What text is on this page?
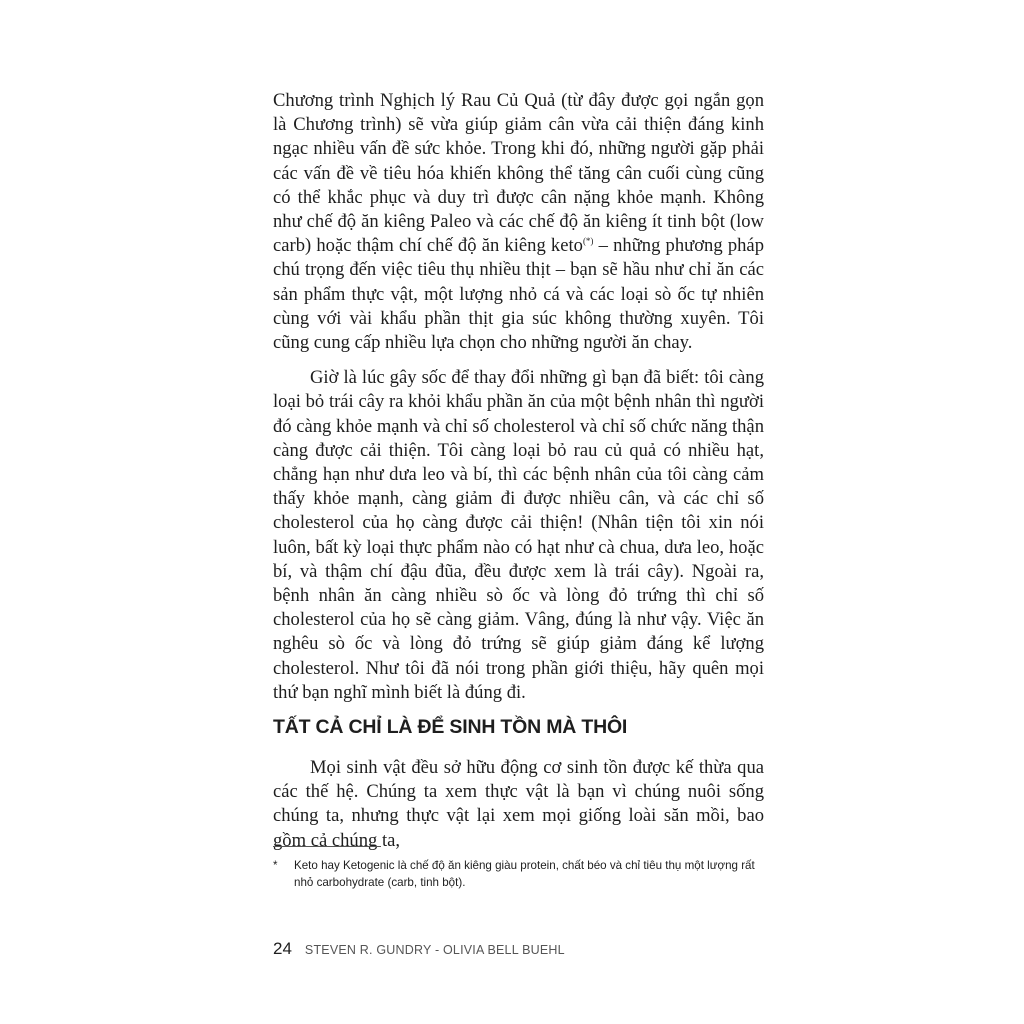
Chương trình Nghịch lý Rau Củ Quả (từ đây được gọi ngắn gọn là Chương trình) sẽ vừa giúp giảm cân vừa cải thiện đáng kinh ngạc nhiều vấn đề sức khỏe. Trong khi đó, những người gặp phải các vấn đề về tiêu hóa khiến không thể tăng cân cuối cùng cũng có thể khắc phục và duy trì được cân nặng khỏe mạnh. Không như chế độ ăn kiêng Paleo và các chế độ ăn kiêng ít tinh bột (low carb) hoặc thậm chí chế độ ăn kiêng keto(*) – những phương pháp chú trọng đến việc tiêu thụ nhiều thịt – bạn sẽ hầu như chỉ ăn các sản phẩm thực vật, một lượng nhỏ cá và các loại sò ốc tự nhiên cùng với vài khẩu phần thịt gia súc không thường xuyên. Tôi cũng cung cấp nhiều lựa chọn cho những người ăn chay.

Giờ là lúc gây sốc để thay đổi những gì bạn đã biết: tôi càng loại bỏ trái cây ra khỏi khẩu phần ăn của một bệnh nhân thì người đó càng khỏe mạnh và chỉ số cholesterol và chỉ số chức năng thận càng được cải thiện. Tôi càng loại bỏ rau củ quả có nhiều hạt, chẳng hạn như dưa leo và bí, thì các bệnh nhân của tôi càng cảm thấy khỏe mạnh, càng giảm đi được nhiều cân, và các chỉ số cholesterol của họ càng được cải thiện! (Nhân tiện tôi xin nói luôn, bất kỳ loại thực phẩm nào có hạt như cà chua, dưa leo, hoặc bí, và thậm chí đậu đũa, đều được xem là trái cây). Ngoài ra, bệnh nhân ăn càng nhiều sò ốc và lòng đỏ trứng thì chỉ số cholesterol của họ sẽ càng giảm. Vâng, đúng là như vậy. Việc ăn nghêu sò ốc và lòng đỏ trứng sẽ giúp giảm đáng kể lượng cholesterol. Như tôi đã nói trong phần giới thiệu, hãy quên mọi thứ bạn nghĩ mình biết là đúng đi.

TẤT CẢ CHỈ LÀ ĐỂ SINH TỒN MÀ THÔI

Mọi sinh vật đều sở hữu động cơ sinh tồn được kế thừa qua các thế hệ. Chúng ta xem thực vật là bạn vì chúng nuôi sống chúng ta, nhưng thực vật lại xem mọi giống loài săn mồi, bao gồm cả chúng ta,

* Keto hay Ketogenic là chế độ ăn kiêng giàu protein, chất béo và chỉ tiêu thụ một lượng rất nhỏ carbohydrate (carb, tinh bột).
24 STEVEN R. GUNDRY - OLIVIA BELL BUEHL
